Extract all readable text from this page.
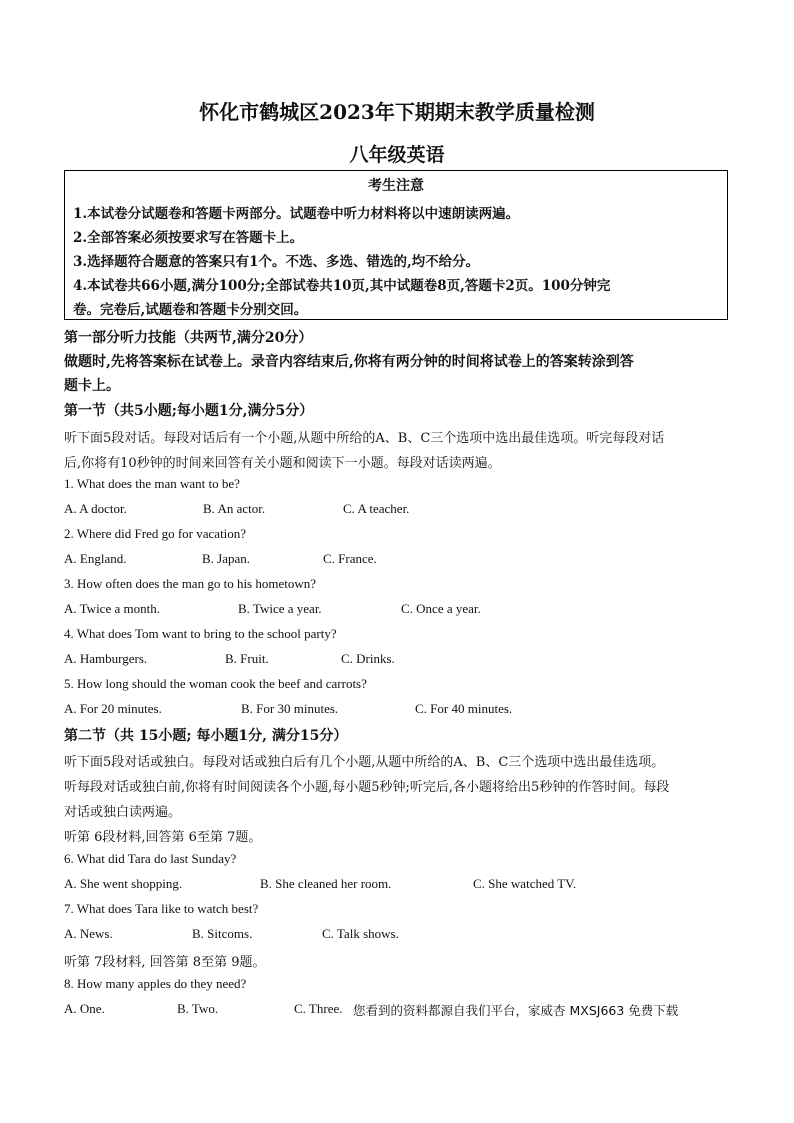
怀化市鹤城区2023年下期期末教学质量检测
八年级英语
考生注意
1.本试卷分试题卷和答题卡两部分。试题卷中听力材料将以中速朗读两遍。
2.全部答案必须按要求写在答题卡上。
3.选择题符合题意的答案只有1个。不选、多选、错选的,均不给分。
4.本试卷共66小题,满分100分;全部试卷共10页,其中试题卷8页,答题卡2页。100分钟完
卷。完卷后,试题卷和答题卡分别交回。
第一部分听力技能（共两节,满分20分）
做题时,先将答案标在试卷上。录音内容结束后,你将有两分钟的时间将试卷上的答案转涂到答
题卡上。
第一节（共5小题;每小题1分,满分5分）
听下面5段对话。每段对话后有一个小题,从题中所给的A、B、C三个选项中选出最佳选项。听完每段对话
后,你将有10秒钟的时间来回答有关小题和阅读下一小题。每段对话读两遍。
1. What does the man want to be?
A. A doctor.	B. An actor.	C. A teacher.
2. Where did Fred go for vacation?
A. England.	B. Japan.	C. France.
3. How often does the man go to his hometown?
A. Twice a month.	B. Twice a year.	C. Once a year.
4. What does Tom want to bring to the school party?
A. Hamburgers.	B. Fruit.	C. Drinks.
5. How long should the woman cook the beef and carrots?
A. For 20 minutes.	B. For 30 minutes.	C. For 40 minutes.
第二节（共 15小题; 每小题1分, 满分15分）
听下面5段对话或独白。每段对话或独白后有几个小题,从题中所给的A、B、C三个选项中选出最佳选项。
听每段对话或独白前,你将有时间阅读各个小题,每小题5秒钟;听完后,各小题将给出5秒钟的作答时间。每段
对话或独白读两遍。
听第 6段材料,回答第 6至第 7题。
6. What did Tara do last Sunday?
A. She went shopping.	B. She cleaned her room.	C. She watched TV.
7. What does Tara like to watch best?
A. News.	B. Sitcoms.	C. Talk shows.
听第 7段材料, 回答第 8至第 9题。
8. How many apples do they need?
A. One.	B. Two.	C. Three. 您看到的资料都源自我们平台，家威杏 MXSJ663 免费下载
